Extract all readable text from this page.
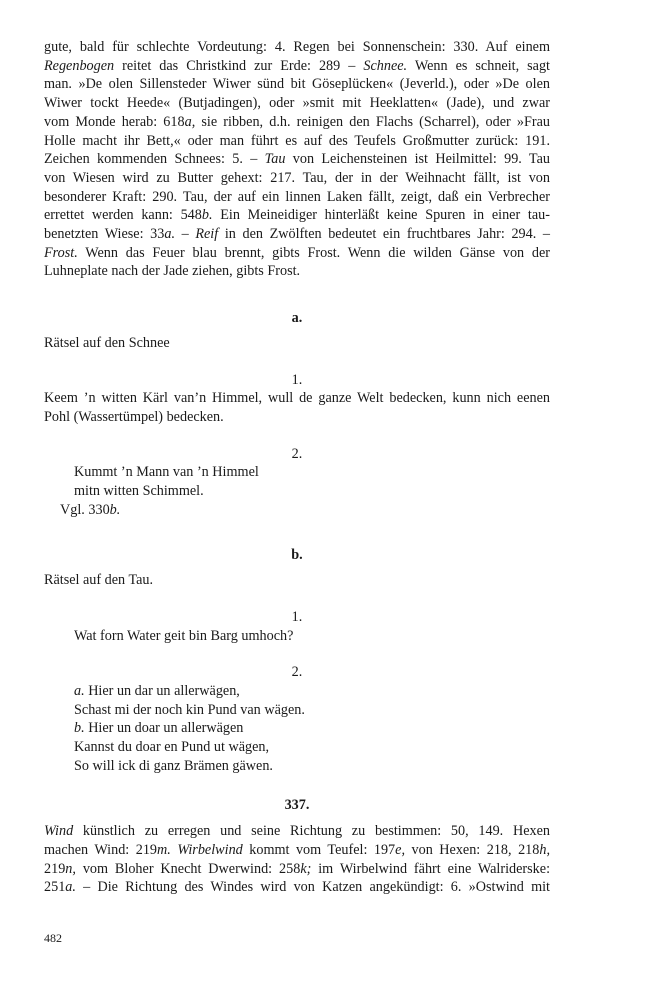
gute, bald für schlechte Vordeutung: 4. Regen bei Sonnenschein: 330. Auf einem
Regenbogen reitet das Christkind zur Erde: 289 – Schnee. Wenn es schneit, sagt
man. »De olen Sillensteder Wiwer sünd bit Göseplücken« (Jeverld.), oder »De olen
Wiwer tockt Heede« (Butjadingen), oder »smit mit Heeklatten« (Jade), und zwar
vom Monde herab: 618a, sie ribben, d.h. reinigen den Flachs (Scharrel), oder »Frau
Holle macht ihr Bett,« oder man führt es auf des Teufels Großmutter zurück: 191.
Zeichen kommenden Schnees: 5. – Tau von Leichensteinen ist Heilmittel: 99. Tau
von Wiesen wird zu Butter gehext: 217. Tau, der in der Weihnacht fällt, ist von
besonderer Kraft: 290. Tau, der auf ein linnen Laken fällt, zeigt, daß ein Verbrecher
errettet werden kann: 548b. Ein Meineidiger hinterläßt keine Spuren in einer tau-
benetzten Wiese: 33a. – Reif in den Zwölften bedeutet ein fruchtbares Jahr: 294. –
Frost. Wenn das Feuer blau brennt, gibts Frost. Wenn die wilden Gänse von der
Luhneplate nach der Jade ziehen, gibts Frost.

a.
Rätsel auf den Schnee
1.

Keem ’n witten Kärl van’n Himmel, wull de ganze Welt bedecken, kunn nich eenen
Pohl (Wassertümpel) bedecken.

2.
Kummt ’n Mann van ’n Himmel
mitn witten Schimmel.
Vgl. 330b.
b.
Rätsel auf den Tau.
1.
Wat forn Water geit bin Barg umhoch?
2.
a. Hier un dar un allerwägen,
Schast mi der noch kin Pund van wägen.
b. Hier un doar un allerwägen
Kannst du doar en Pund ut wägen,
So will ick di ganz Brämen gäwen.
337.

Wind künstlich zu erregen und seine Richtung zu bestimmen: 50, 149. Hexen
machen Wind: 219m. Wirbelwind kommt vom Teufel: 197e, von Hexen: 218, 218h,
219n, vom Bloher Knecht Dwerwind: 258k; im Wirbelwind fährt eine Walriderske:
251a. – Die Richtung des Windes wird von Katzen angekündigt: 6. »Ostwind mit

482
